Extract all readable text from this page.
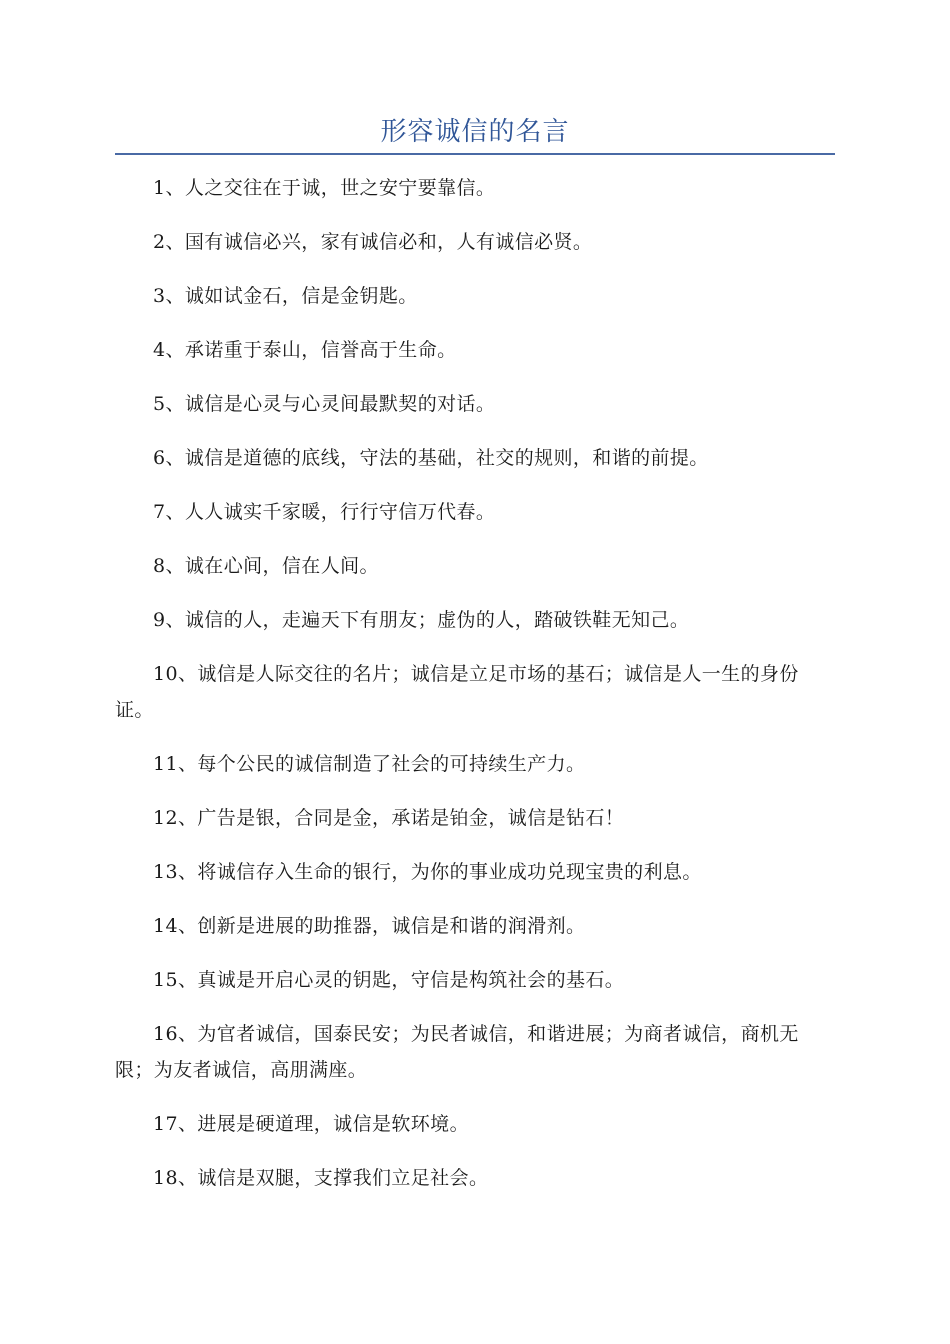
形容诚信的名言

1、人之交往在于诚，世之安宁要靠信。

2、国有诚信必兴，家有诚信必和，人有诚信必贤。

3、诚如试金石，信是金钥匙。

4、承诺重于泰山，信誉高于生命。

5、诚信是心灵与心灵间最默契的对话。

6、诚信是道德的底线，守法的基础，社交的规则，和谐的前提。

7、人人诚实千家暖，行行守信万代春。

8、诚在心间，信在人间。

9、诚信的人，走遍天下有朋友；虚伪的人，踏破铁鞋无知己。

10、诚信是人际交往的名片；诚信是立足市场的基石；诚信是人一生的身份证。

11、每个公民的诚信制造了社会的可持续生产力。

12、广告是银，合同是金，承诺是铂金，诚信是钻石！

13、将诚信存入生命的银行，为你的事业成功兑现宝贵的利息。

14、创新是进展的助推器，诚信是和谐的润滑剂。

15、真诚是开启心灵的钥匙，守信是构筑社会的基石。

16、为官者诚信，国泰民安；为民者诚信，和谐进展；为商者诚信，商机无限；为友者诚信，高朋满座。

17、进展是硬道理，诚信是软环境。

18、诚信是双腿，支撑我们立足社会。
